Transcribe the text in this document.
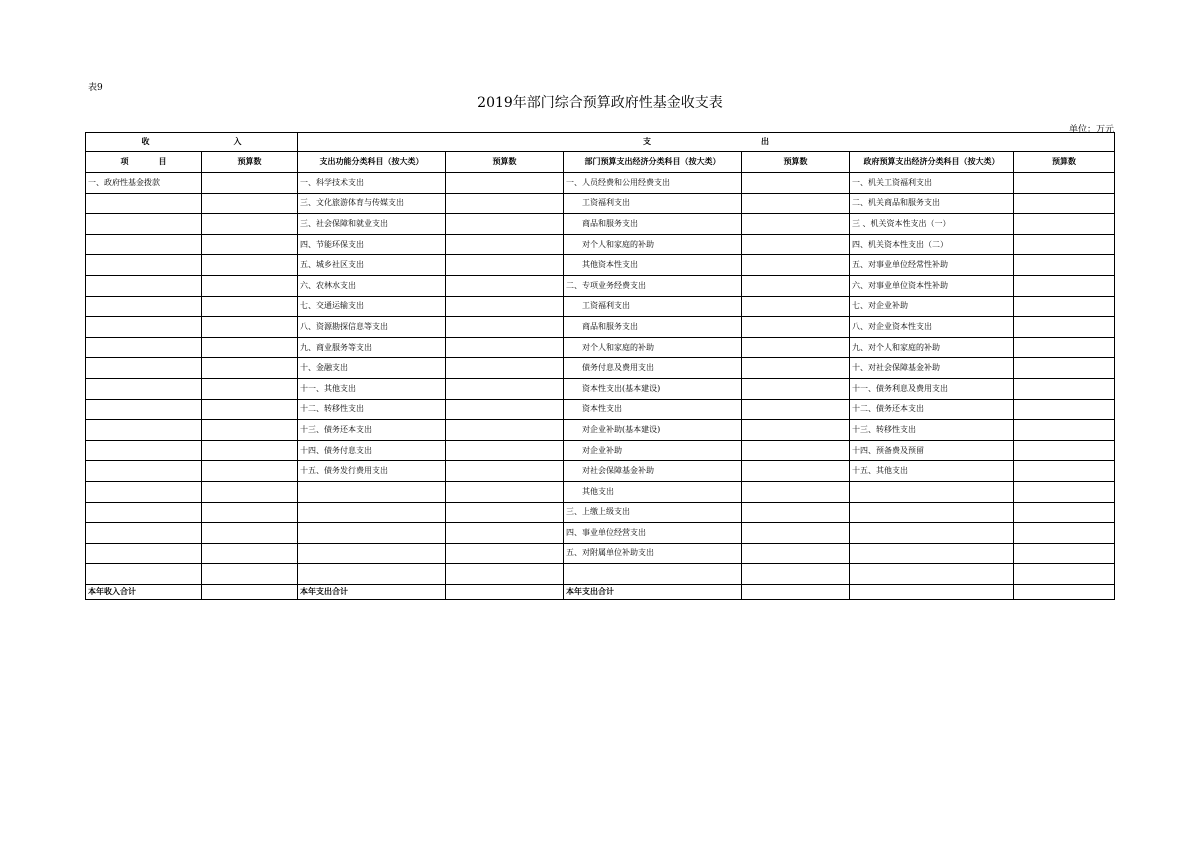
表9
2019年部门综合预算政府性基金收支表
单位：万元
收 入		支 出					
项 目	预算数	支出功能分类科目（按大类）	预算数	部门预算支出经济分类科目（按大类）	预算数	政府预算支出经济分类科目（按大类）	预算数
一、政府性基金拨款		一、科学技术支出		一、人员经费和公用经费支出		一、机关工资福利支出	
		三、文化旅游体育与传媒支出		工资福利支出		二、机关商品和服务支出	
		三、社会保障和就业支出		商品和服务支出		三 、机关资本性支出（一）	
		四、节能环保支出		对个人和家庭的补助		四、机关资本性支出（二）	
		五、城乡社区支出		其他资本性支出		五、对事业单位经常性补助	
		六、农林水支出		二、专项业务经费支出		六、对事业单位资本性补助	
		七、交通运输支出		工资福利支出		七、对企业补助	
		八、资源勘探信息等支出		商品和服务支出		八、对企业资本性支出	
		九、商业服务等支出		对个人和家庭的补助		九、对个人和家庭的补助	
		十、金融支出		债务付息及费用支出		十、对社会保障基金补助	
		十一、其他支出		资本性支出(基本建设)		十一、债务利息及费用支出	
		十二、转移性支出		资本性支出		十二、债务还本支出	
		十三、债务还本支出		对企业补助(基本建设)		十三、转移性支出	
		十四、债务付息支出		对企业补助		十四、预备费及预留	
		十五、债务发行费用支出		对社会保障基金补助		十五、其他支出	
				其他支出			
				三、上缴上级支出			
				四、事业单位经营支出			
				五、对附属单位补助支出			

本年收入合计		本年支出合计		本年支出合计			
